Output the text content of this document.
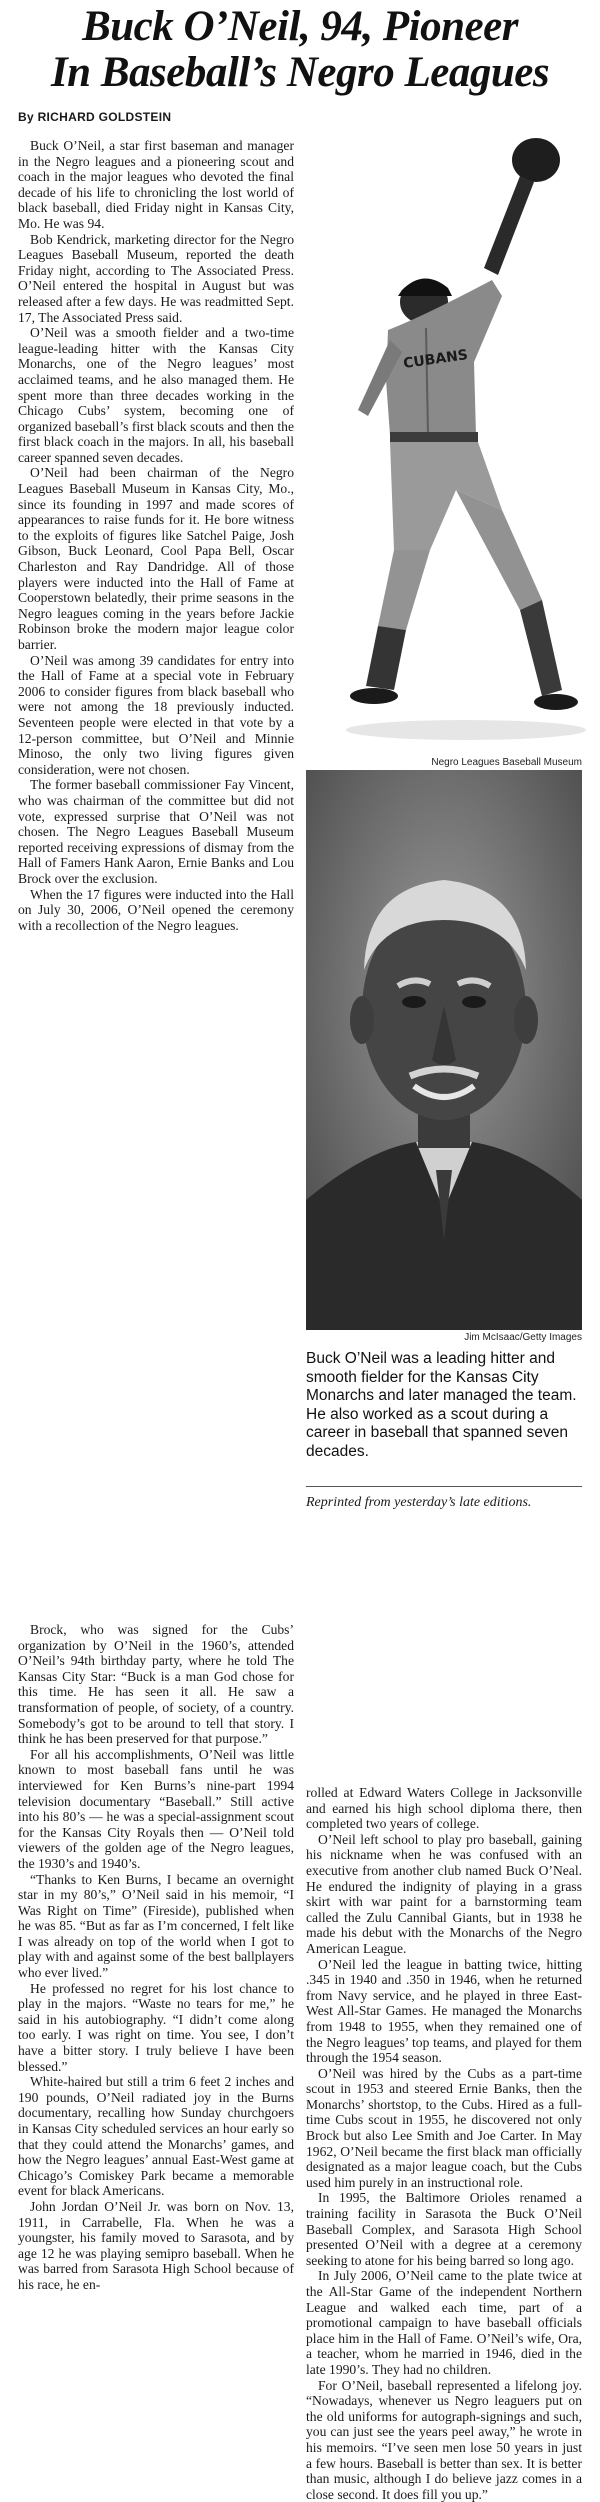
Buck O’Neil, 94, Pioneer
In Baseball’s Negro Leagues
By RICHARD GOLDSTEIN

Buck O’Neil, a star first baseman and manager in the Negro leagues and a pioneering scout and coach in the major leagues who devoted the final decade of his life to chronicling the lost world of black baseball, died Friday night in Kansas City, Mo. He was 94.

Bob Kendrick, marketing director for the Negro Leagues Baseball Museum, reported the death Friday night, according to The Associated Press. O’Neil entered the hospital in August but was released after a few days. He was readmitted Sept. 17, The Associated Press said.

O’Neil was a smooth fielder and a two-time league-leading hitter with the Kansas City Monarchs, one of the Negro leagues’ most acclaimed teams, and he also managed them. He spent more than three decades working in the Chicago Cubs’ system, becoming one of organized baseball’s first black scouts and then the first black coach in the majors. In all, his baseball career spanned seven decades.

O’Neil had been chairman of the Negro Leagues Baseball Museum in Kansas City, Mo., since its founding in 1997 and made scores of appearances to raise funds for it. He bore witness to the exploits of figures like Satchel Paige, Josh Gibson, Buck Leonard, Cool Papa Bell, Oscar Charleston and Ray Dandridge. All of those players were inducted into the Hall of Fame at Cooperstown belatedly, their prime seasons in the Negro leagues coming in the years before Jackie Robinson broke the modern major league color barrier.

O’Neil was among 39 candidates for entry into the Hall of Fame at a special vote in February 2006 to consider figures from black baseball who were not among the 18 previously inducted. Seventeen people were elected in that vote by a 12-person committee, but O’Neil and Minnie Minoso, the only two living figures given consideration, were not chosen.

The former baseball commissioner Fay Vincent, who was chairman of the committee but did not vote, expressed surprise that O’Neil was not chosen. The Negro Leagues Baseball Museum reported receiving expressions of dismay from the Hall of Famers Hank Aaron, Ernie Banks and Lou Brock over the exclusion.

When the 17 figures were inducted into the Hall on July 30, 2006, O’Neil opened the ceremony with a recollection of the Negro leagues.

Brock, who was signed for the Cubs’ organization by O’Neil in the 1960’s, attended O’Neil’s 94th birthday party, where he told The Kansas City Star: “Buck is a man God chose for this time. He has seen it all. He saw a transformation of people, of society, of a country. Somebody’s got to be around to tell that story. I think he has been preserved for that purpose.”

For all his accomplishments, O’Neil was little known to most baseball fans until he was interviewed for Ken Burns’s nine-part 1994 television documentary “Baseball.” Still active into his 80’s — he was a special-assignment scout for the Kansas City Royals then — O’Neil told viewers of the golden age of the Negro leagues, the 1930’s and 1940’s.

“Thanks to Ken Burns, I became an overnight star in my 80’s,” O’Neil said in his memoir, “I Was Right on Time” (Fireside), published when he was 85. “But as far as I’m concerned, I felt like I was already on top of the world when I got to play with and against some of the best ballplayers who ever lived.”

He professed no regret for his lost chance to play in the majors. “Waste no tears for me,” he said in his autobiography. “I didn’t come along too early. I was right on time. You see, I don’t have a bitter story. I truly believe I have been blessed.”

White-haired but still a trim 6 feet 2 inches and 190 pounds, O’Neil radiated joy in the Burns documentary, recalling how Sunday churchgoers in Kansas City scheduled services an hour early so that they could attend the Monarchs’ games, and how the Negro leagues’ annual East-West game at Chicago’s Comiskey Park became a memorable event for black Americans.

John Jordan O’Neil Jr. was born on Nov. 13, 1911, in Carrabelle, Fla. When he was a youngster, his family moved to Sarasota, and by age 12 he was playing semipro baseball. When he was barred from Sarasota High School because of his race, he en-

CUBANS
Negro Leagues Baseball Museum
Jim McIsaac/Getty Images
Buck O’Neil was a leading hitter and smooth fielder for the Kansas City Monarchs and later managed the team. He also worked as a scout during a career in baseball that spanned seven decades.
Reprinted from yesterday’s late editions.

rolled at Edward Waters College in Jacksonville and earned his high school diploma there, then completed two years of college.

O’Neil left school to play pro baseball, gaining his nickname when he was confused with an executive from another club named Buck O’Neal. He endured the indignity of playing in a grass skirt with war paint for a barnstorming team called the Zulu Cannibal Giants, but in 1938 he made his debut with the Monarchs of the Negro American League.

O’Neil led the league in batting twice, hitting .345 in 1940 and .350 in 1946, when he returned from Navy service, and he played in three East-West All-Star Games. He managed the Monarchs from 1948 to 1955, when they remained one of the Negro leagues’ top teams, and played for them through the 1954 season.

O’Neil was hired by the Cubs as a part-time scout in 1953 and steered Ernie Banks, then the Monarchs’ shortstop, to the Cubs. Hired as a full-time Cubs scout in 1955, he discovered not only Brock but also Lee Smith and Joe Carter. In May 1962, O’Neil became the first black man officially designated as a major league coach, but the Cubs used him purely in an instructional role.

In 1995, the Baltimore Orioles renamed a training facility in Sarasota the Buck O’Neil Baseball Complex, and Sarasota High School presented O’Neil with a degree at a ceremony seeking to atone for his being barred so long ago.

In July 2006, O’Neil came to the plate twice at the All-Star Game of the independent Northern League and walked each time, part of a promotional campaign to have baseball officials place him in the Hall of Fame. O’Neil’s wife, Ora, a teacher, whom he married in 1946, died in the late 1990’s. They had no children.

For O’Neil, baseball represented a lifelong joy. “Nowadays, whenever us Negro leaguers put on the old uniforms for autograph-signings and such, you can just see the years peel away,” he wrote in his memoirs. “I’ve seen men lose 50 years in just a few hours. Baseball is better than sex. It is better than music, although I do believe jazz comes in a close second. It does fill you up.”
